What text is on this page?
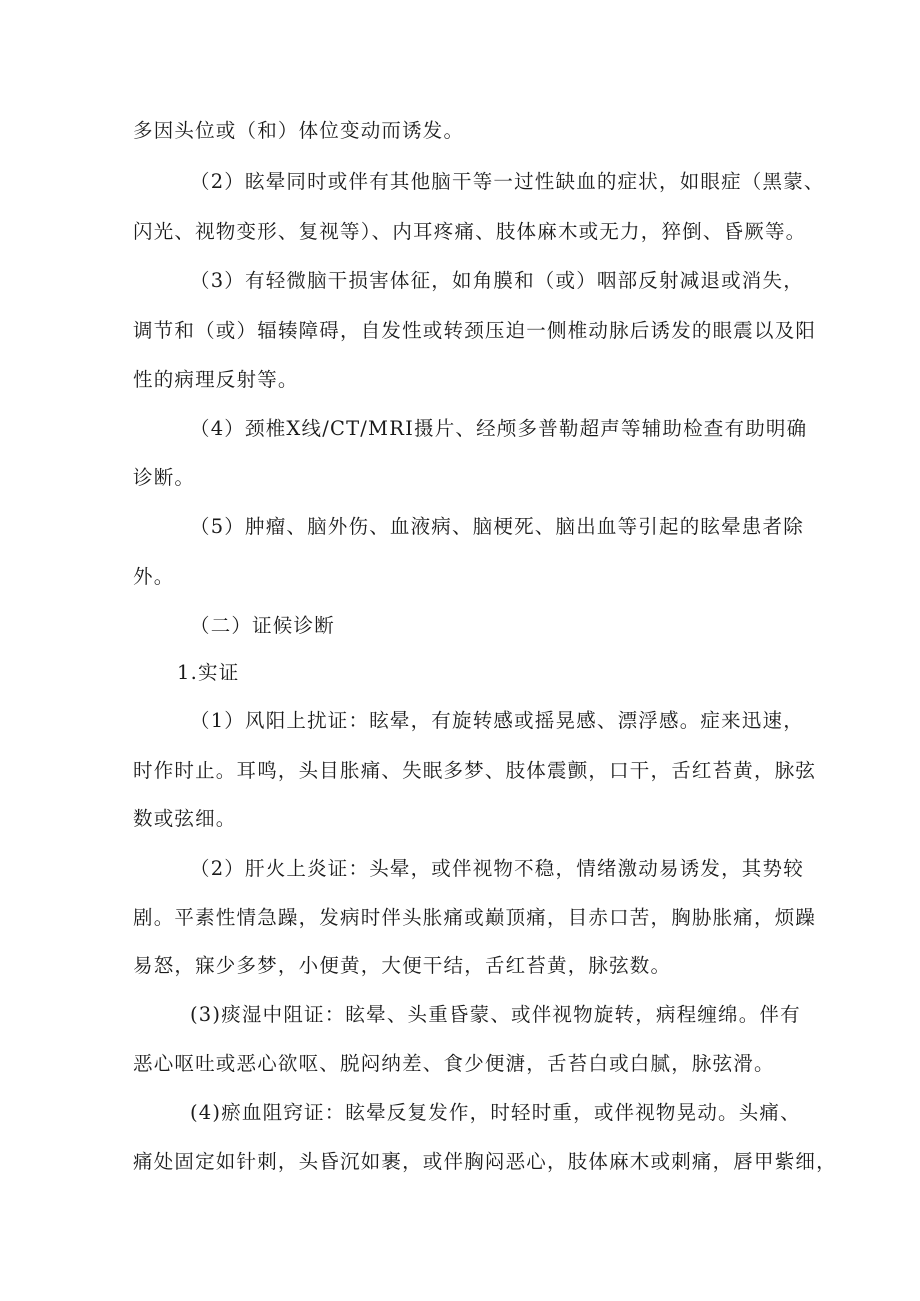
多因头位或（和）体位变动而诱发。
（2）眩晕同时或伴有其他脑干等一过性缺血的症状，如眼症（黑蒙、
闪光、视物变形、复视等）、内耳疼痛、肢体麻木或无力，猝倒、昏厥等。
（3）有轻微脑干损害体征，如角膜和（或）咽部反射减退或消失，
调节和（或）辐辏障碍，自发性或转颈压迫一侧椎动脉后诱发的眼震以及阳
性的病理反射等。
（4）颈椎X线/CT/MRI摄片、经颅多普勒超声等辅助检查有助明确
诊断。
（5）肿瘤、脑外伤、血液病、脑梗死、脑出血等引起的眩晕患者除
外。
（二）证候诊断
1.实证
（1）风阳上扰证：眩晕，有旋转感或摇晃感、漂浮感。症来迅速，
时作时止。耳鸣，头目胀痛、失眠多梦、肢体震颤，口干，舌红苔黄，脉弦
数或弦细。
（2）肝火上炎证：头晕，或伴视物不稳，情绪激动易诱发，其势较
剧。平素性情急躁，发病时伴头胀痛或巅顶痛，目赤口苦，胸胁胀痛，烦躁
易怒，寐少多梦，小便黄，大便干结，舌红苔黄，脉弦数。
(3)痰湿中阻证：眩晕、头重昏蒙、或伴视物旋转，病程缠绵。伴有
恶心呕吐或恶心欲呕、脱闷纳差、食少便溏，舌苔白或白腻，脉弦滑。
(4)瘀血阻窍证：眩晕反复发作，时轻时重，或伴视物晃动。头痛、
痛处固定如针刺，头昏沉如裹，或伴胸闷恶心，肢体麻木或刺痛，唇甲紫细，
